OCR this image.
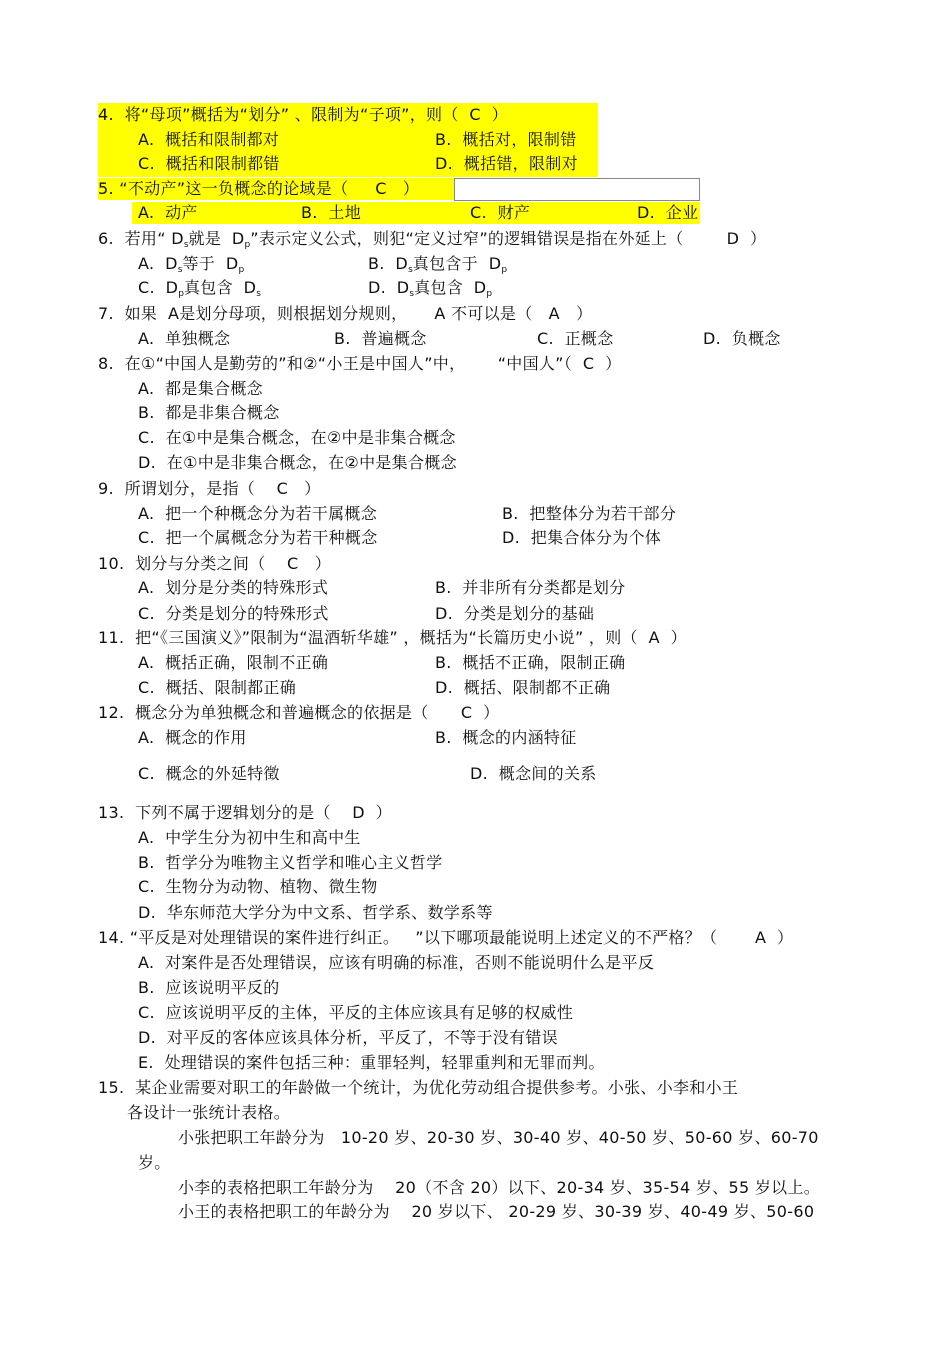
4.  将“母项”概括为“划分” 、限制为“子项”，则（  C  ）
A.  概括和限制都对	B.  概括对，限制错
C.  概括和限制都错	D.  概括错，限制对
5. “不动产”这一负概念的论域是（     C   ）
A.  动产	B.  土地	C.  财产	D.  企业
6.  若用“ Ds就是  Dp”表示定义公式，则犯“定义过窄”的逻辑错误是指在外延上（        D  ）
A.  Ds等于  Dp	B.  Ds真包含于  Dp
C.  Dp真包含  Ds	D.  Ds真包含  Dp
7.  如果  A是划分母项，则根据划分规则，     A 不可以是（   A   ）
A.  单独概念	B.  普遍概念	C.  正概念	D.  负概念
8.  在①“中国人是勤劳的”和②“小王是中国人”中，      “中国人”（  C  ）
A.  都是集合概念
B.  都是非集合概念
C.  在①中是集合概念，在②中是非集合概念
D.  在①中是非集合概念，在②中是集合概念
9.  所谓划分，是指（    C   ）
A.  把一个种概念分为若干属概念	B.  把整体分为若干部分
C.  把一个属概念分为若干种概念	D.  把集合体分为个体
10.  划分与分类之间（    C   ）
A.  划分是分类的特殊形式	B.  并非所有分类都是划分
C.  分类是划分的特殊形式	D.  分类是划分的基础
11.  把“《三国演义》”限制为“温酒斩华雄” ，概括为“长篇历史小说” ，则（  A  ）
A.  概括正确，限制不正确	B.  概括不正确，限制正确
C.  概括、限制都正确	D.  概括、限制都不正确
12.  概念分为单独概念和普遍概念的依据是（      C  ）
A.  概念的作用	B.  概念的内涵特征
C.  概念的外延特徵	D.  概念间的关系
13.  下列不属于逻辑划分的是（    D  ）
A.  中学生分为初中生和高中生
B.  哲学分为唯物主义哲学和唯心主义哲学
C.  生物分为动物、植物、微生物
D.  华东师范大学分为中文系、哲学系、数学系等
14. “平反是对处理错误的案件进行纠正。   ”以下哪项最能说明上述定义的不严格？（       A  ）
A.  对案件是否处理错误，应该有明确的标准，否则不能说明什么是平反
B.  应该说明平反的
C.  应该说明平反的主体，平反的主体应该具有足够的权威性
D.  对平反的客体应该具体分析，平反了，不等于没有错误
E.  处理错误的案件包括三种：重罪轻判，轻罪重判和无罪而判。
15.  某企业需要对职工的年龄做一个统计，为优化劳动组合提供参考。小张、小李和小王
各设计一张统计表格。
小张把职工年龄分为   10-20 岁、20-30 岁、30-40 岁、40-50 岁、50-60 岁、60-70
岁。
小李的表格把职工年龄分为    20（不含 20）以下、20-34 岁、35-54 岁、55 岁以上。
小王的表格把职工的年龄分为    20 岁以下、 20-29 岁、30-39 岁、40-49 岁、50-60
